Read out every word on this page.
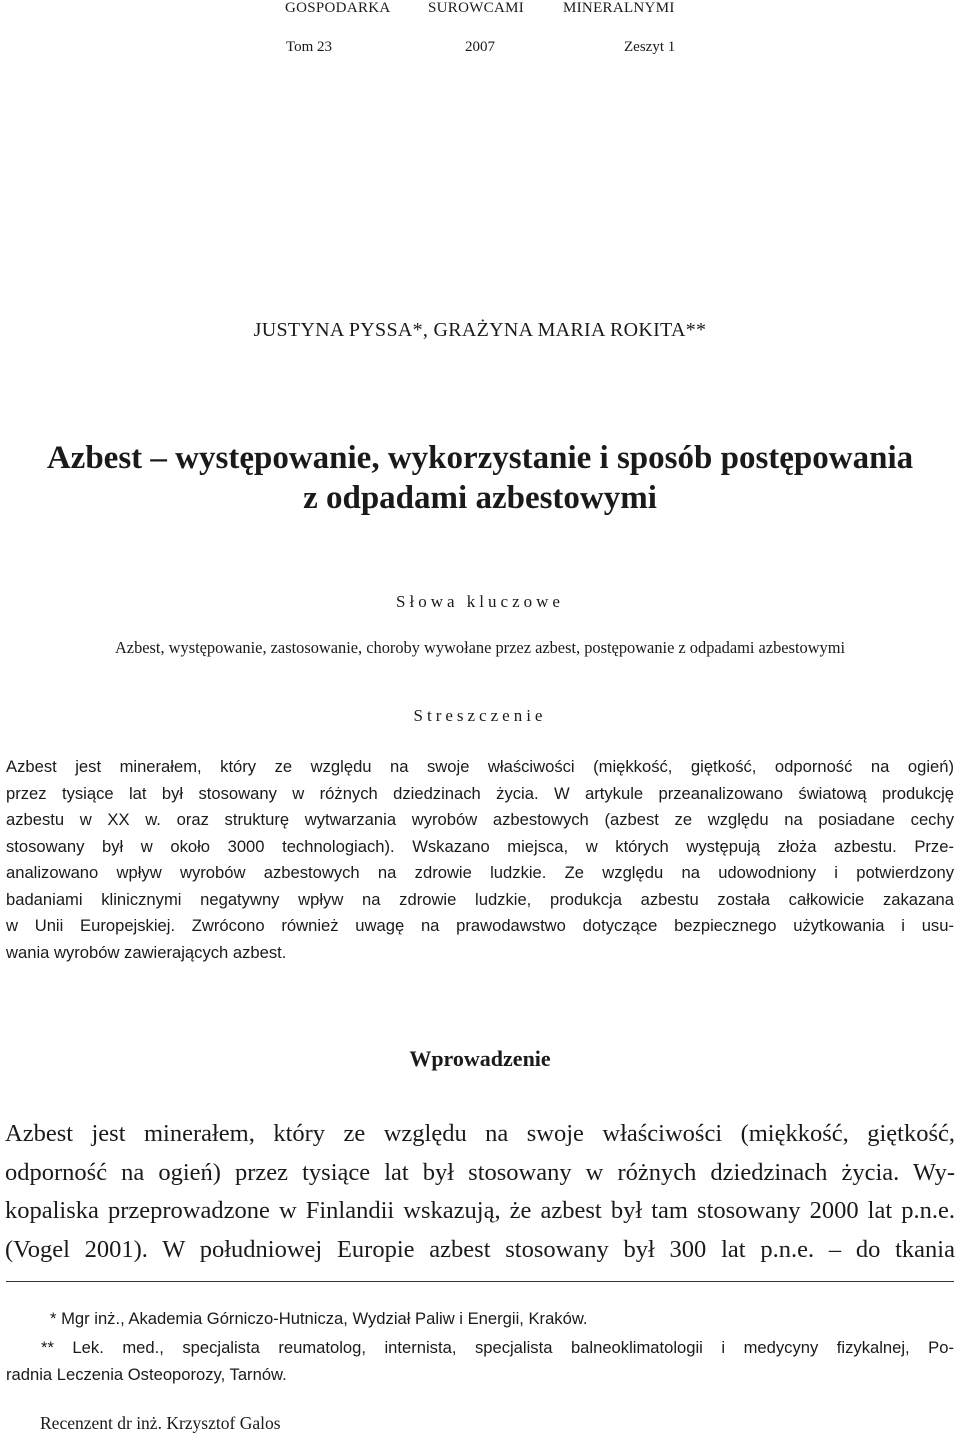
GOSPODARKA SUROWCAMI	MINERALNYMI
Tom 23	2007	Zeszyt 1
JUSTYNA PYSSA*, GRAŻYNA MARIA ROKITA**
Azbest – występowanie, wykorzystanie i sposób postępowania
z odpadami azbestowymi
Słowa kluczowe
Azbest, występowanie, zastosowanie, choroby wywołane przez azbest, postępowanie z odpadami azbestowymi
Streszczenie
Azbest jest minerałem, który ze względu na swoje właściwości (miękkość, giętkość, odporność na ogień)
przez tysiące lat był stosowany w różnych dziedzinach życia. W artykule przeanalizowano światową produkcję
azbestu w XX w. oraz strukturę wytwarzania wyrobów azbestowych (azbest ze względu na posiadane cechy
stosowany był w około 3000 technologiach). Wskazano miejsca, w których występują złoża azbestu. Prze-
analizowano wpływ wyrobów azbestowych na zdrowie ludzkie. Ze względu na udowodniony i potwierdzony
badaniami klinicznymi negatywny wpływ na zdrowie ludzkie, produkcja azbestu została całkowicie zakazana
w Unii Europejskiej. Zwrócono również uwagę na prawodawstwo dotyczące bezpiecznego użytkowania i usu-
wania wyrobów zawierających azbest.
Wprowadzenie
Azbest jest minerałem, który ze względu na swoje właściwości (miękkość, giętkość,
odporność na ogień) przez tysiące lat był stosowany w różnych dziedzinach życia. Wy-
kopaliska przeprowadzone w Finlandii wskazują, że azbest był tam stosowany 2000 lat p.n.e.
(Vogel 2001). W południowej Europie azbest stosowany był 300 lat p.n.e. – do tkania
* Mgr inż., Akademia Górniczo-Hutnicza, Wydział Paliw i Energii, Kraków.
** Lek. med., specjalista reumatolog, internista, specjalista balneoklimatologii i medycyny fizykalnej, Po-
radnia Leczenia Osteoporozy, Tarnów.
Recenzent dr inż. Krzysztof Galos
